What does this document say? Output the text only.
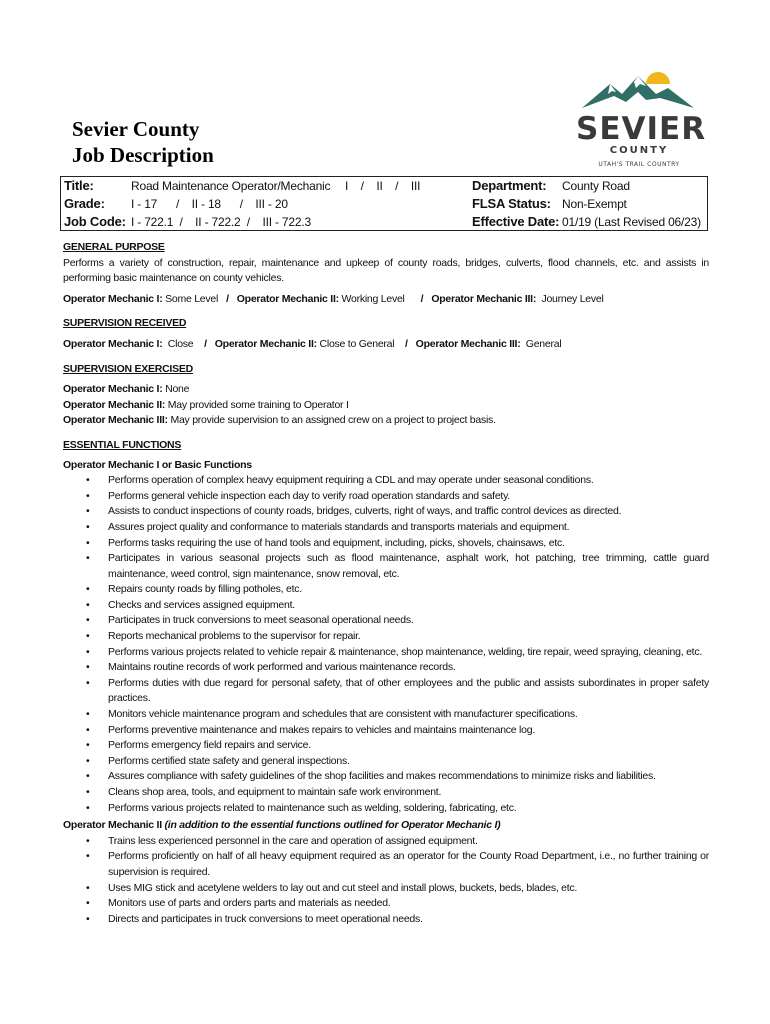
SEVIER
COUNTY
UTAH'S TRAIL COUNTRY
Sevier County
Job Description
Title:	Road Maintenance Operator/Mechanic I    /    II    /    III
Grade: I - 17      /    II - 18      /    III - 20
Job Code: I - 722.1  /    II - 722.2  /    III - 722.3
Department: County Road
FLSA Status: Non-Exempt
Effective Date: 01/19 (Last Revised 06/23)
GENERAL PURPOSE

Performs a variety of construction, repair, maintenance and upkeep of county roads, bridges, culverts, flood channels, etc. and assists in performing basic maintenance on county vehicles.

Operator Mechanic I: Some Level   /   Operator Mechanic II: Working Level      /   Operator Mechanic III: Journey Level
SUPERVISION RECEIVED
Operator Mechanic I: Close    /   Operator Mechanic II: Close to General    /   Operator Mechanic III: General
SUPERVISION EXERCISED
Operator Mechanic I: None
Operator Mechanic II: May provided some training to Operator I
Operator Mechanic III: May provide supervision to an assigned crew on a project to project basis.
ESSENTIAL FUNCTIONS
Operator Mechanic I or Basic Functions
• Performs operation of complex heavy equipment requiring a CDL and may operate under seasonal conditions.
• Performs general vehicle inspection each day to verify road operation standards and safety.
• Assists to conduct inspections of county roads, bridges, culverts, right of ways, and traffic control devices as directed.
• Assures project quality and conformance to materials standards and transports materials and equipment.
• Performs tasks requiring the use of hand tools and equipment, including, picks, shovels, chainsaws, etc.
• Participates in various seasonal projects such as flood maintenance, asphalt work, hot patching, tree trimming, cattle guard maintenance, weed control, sign maintenance, snow removal, etc.
• Repairs county roads by filling potholes, etc.
• Checks and services assigned equipment.
• Participates in truck conversions to meet seasonal operational needs.
• Reports mechanical problems to the supervisor for repair.
• Performs various projects related to vehicle repair & maintenance, shop maintenance, welding, tire repair, weed spraying, cleaning, etc.
• Maintains routine records of work performed and various maintenance records.
• Performs duties with due regard for personal safety, that of other employees and the public and assists subordinates in proper safety practices.
• Monitors vehicle maintenance program and schedules that are consistent with manufacturer specifications.
• Performs preventive maintenance and makes repairs to vehicles and maintains maintenance log.
• Performs emergency field repairs and service.
• Performs certified state safety and general inspections.
• Assures compliance with safety guidelines of the shop facilities and makes recommendations to minimize risks and liabilities.
• Cleans shop area, tools, and equipment to maintain safe work environment.
• Performs various projects related to maintenance such as welding, soldering, fabricating, etc.
Operator Mechanic II (in addition to the essential functions outlined for Operator Mechanic I)
• Trains less experienced personnel in the care and operation of assigned equipment.
• Performs proficiently on half of all heavy equipment required as an operator for the County Road Department, i.e., no further training or supervision is required.
• Uses MIG stick and acetylene welders to lay out and cut steel and install plows, buckets, beds, blades, etc.
• Monitors use of parts and orders parts and materials as needed.
• Directs and participates in truck conversions to meet operational needs.
